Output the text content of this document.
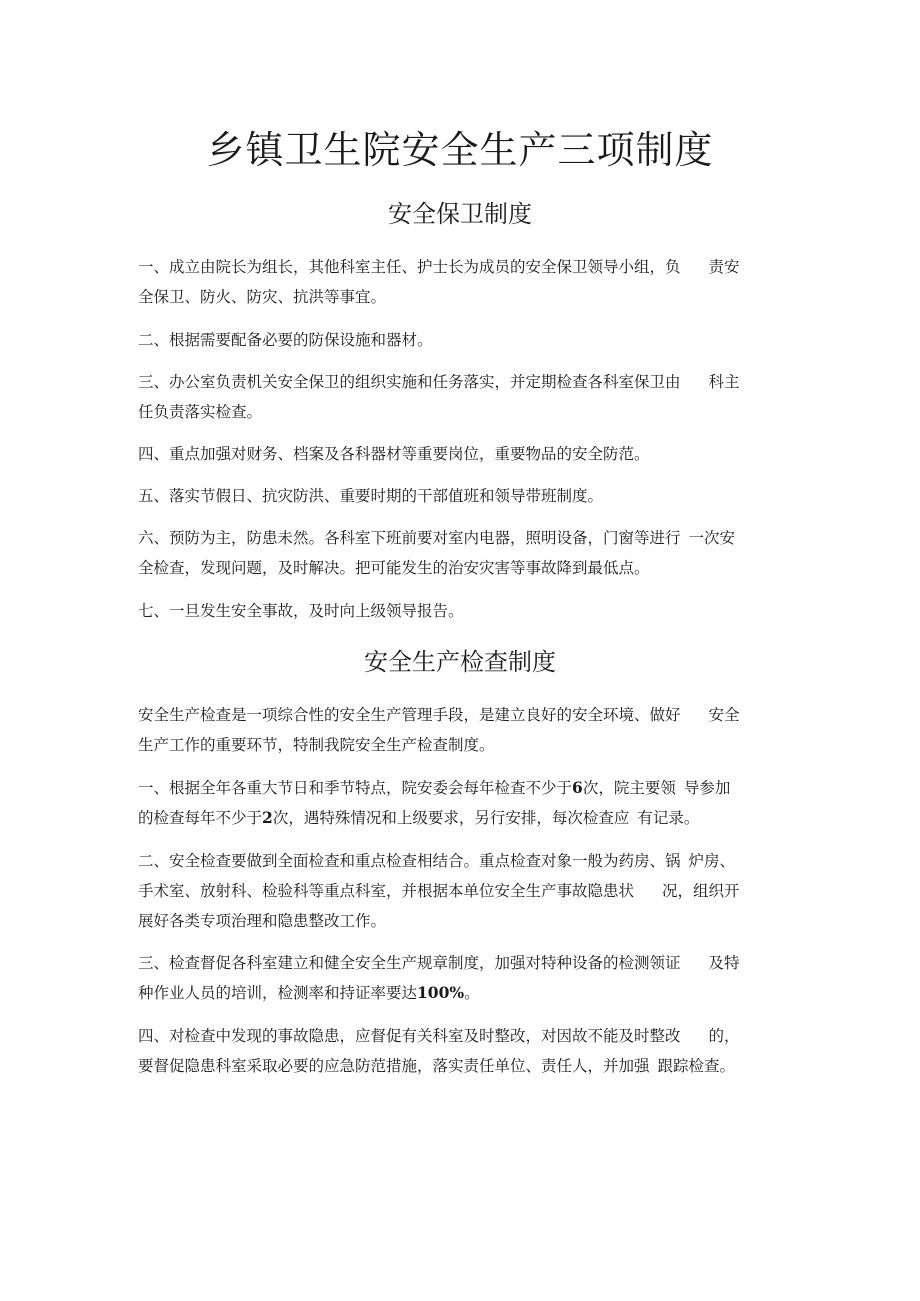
乡镇卫生院安全生产三项制度
安全保卫制度

一、成立由院长为组长，其他科室主任、护士长为成员的安全保卫领导小组，负 责安

全保卫、防火、防灾、抗洪等事宜。

二、根据需要配备必要的防保设施和器材。

三、办公室负责机关安全保卫的组织实施和任务落实，并定期检查各科室保卫由 科主

任负责落实检查。

四、重点加强对财务、档案及各科器材等重要岗位，重要物品的安全防范。

五、落实节假日、抗灾防洪、重要时期的干部值班和领导带班制度。

六、预防为主，防患未然。各科室下班前要对室内电器，照明设备，门窗等进行 一次安

全检查，发现问题，及时解决。把可能发生的治安灾害等事故降到最低点。

七、一旦发生安全事故，及时向上级领导报告。

安全生产检查制度

安全生产检查是一项综合性的安全生产管理手段，是建立良好的安全环境、做好 安全

生产工作的重要环节，特制我院安全生产检查制度。

一、根据全年各重大节日和季节特点，院安委会每年检查不少于6次，院主要领 导参加

的检查每年不少于2次，遇特殊情况和上级要求，另行安排，每次检查应 有记录。

二、安全检查要做到全面检查和重点检查相结合。重点检查对象一般为药房、锅 炉房、

手术室、放射科、检验科等重点科室，并根据本单位安全生产事故隐患状 况，组织开

展好各类专项治理和隐患整改工作。

三、检查督促各科室建立和健全安全生产规章制度，加强对特种设备的检测领证 及特

种作业人员的培训，检测率和持证率要达100%。

四、对检查中发现的事故隐患，应督促有关科室及时整改，对因故不能及时整改 的，

要督促隐患科室采取必要的应急防范措施，落实责任单位、责任人，并加强 跟踪检查。
